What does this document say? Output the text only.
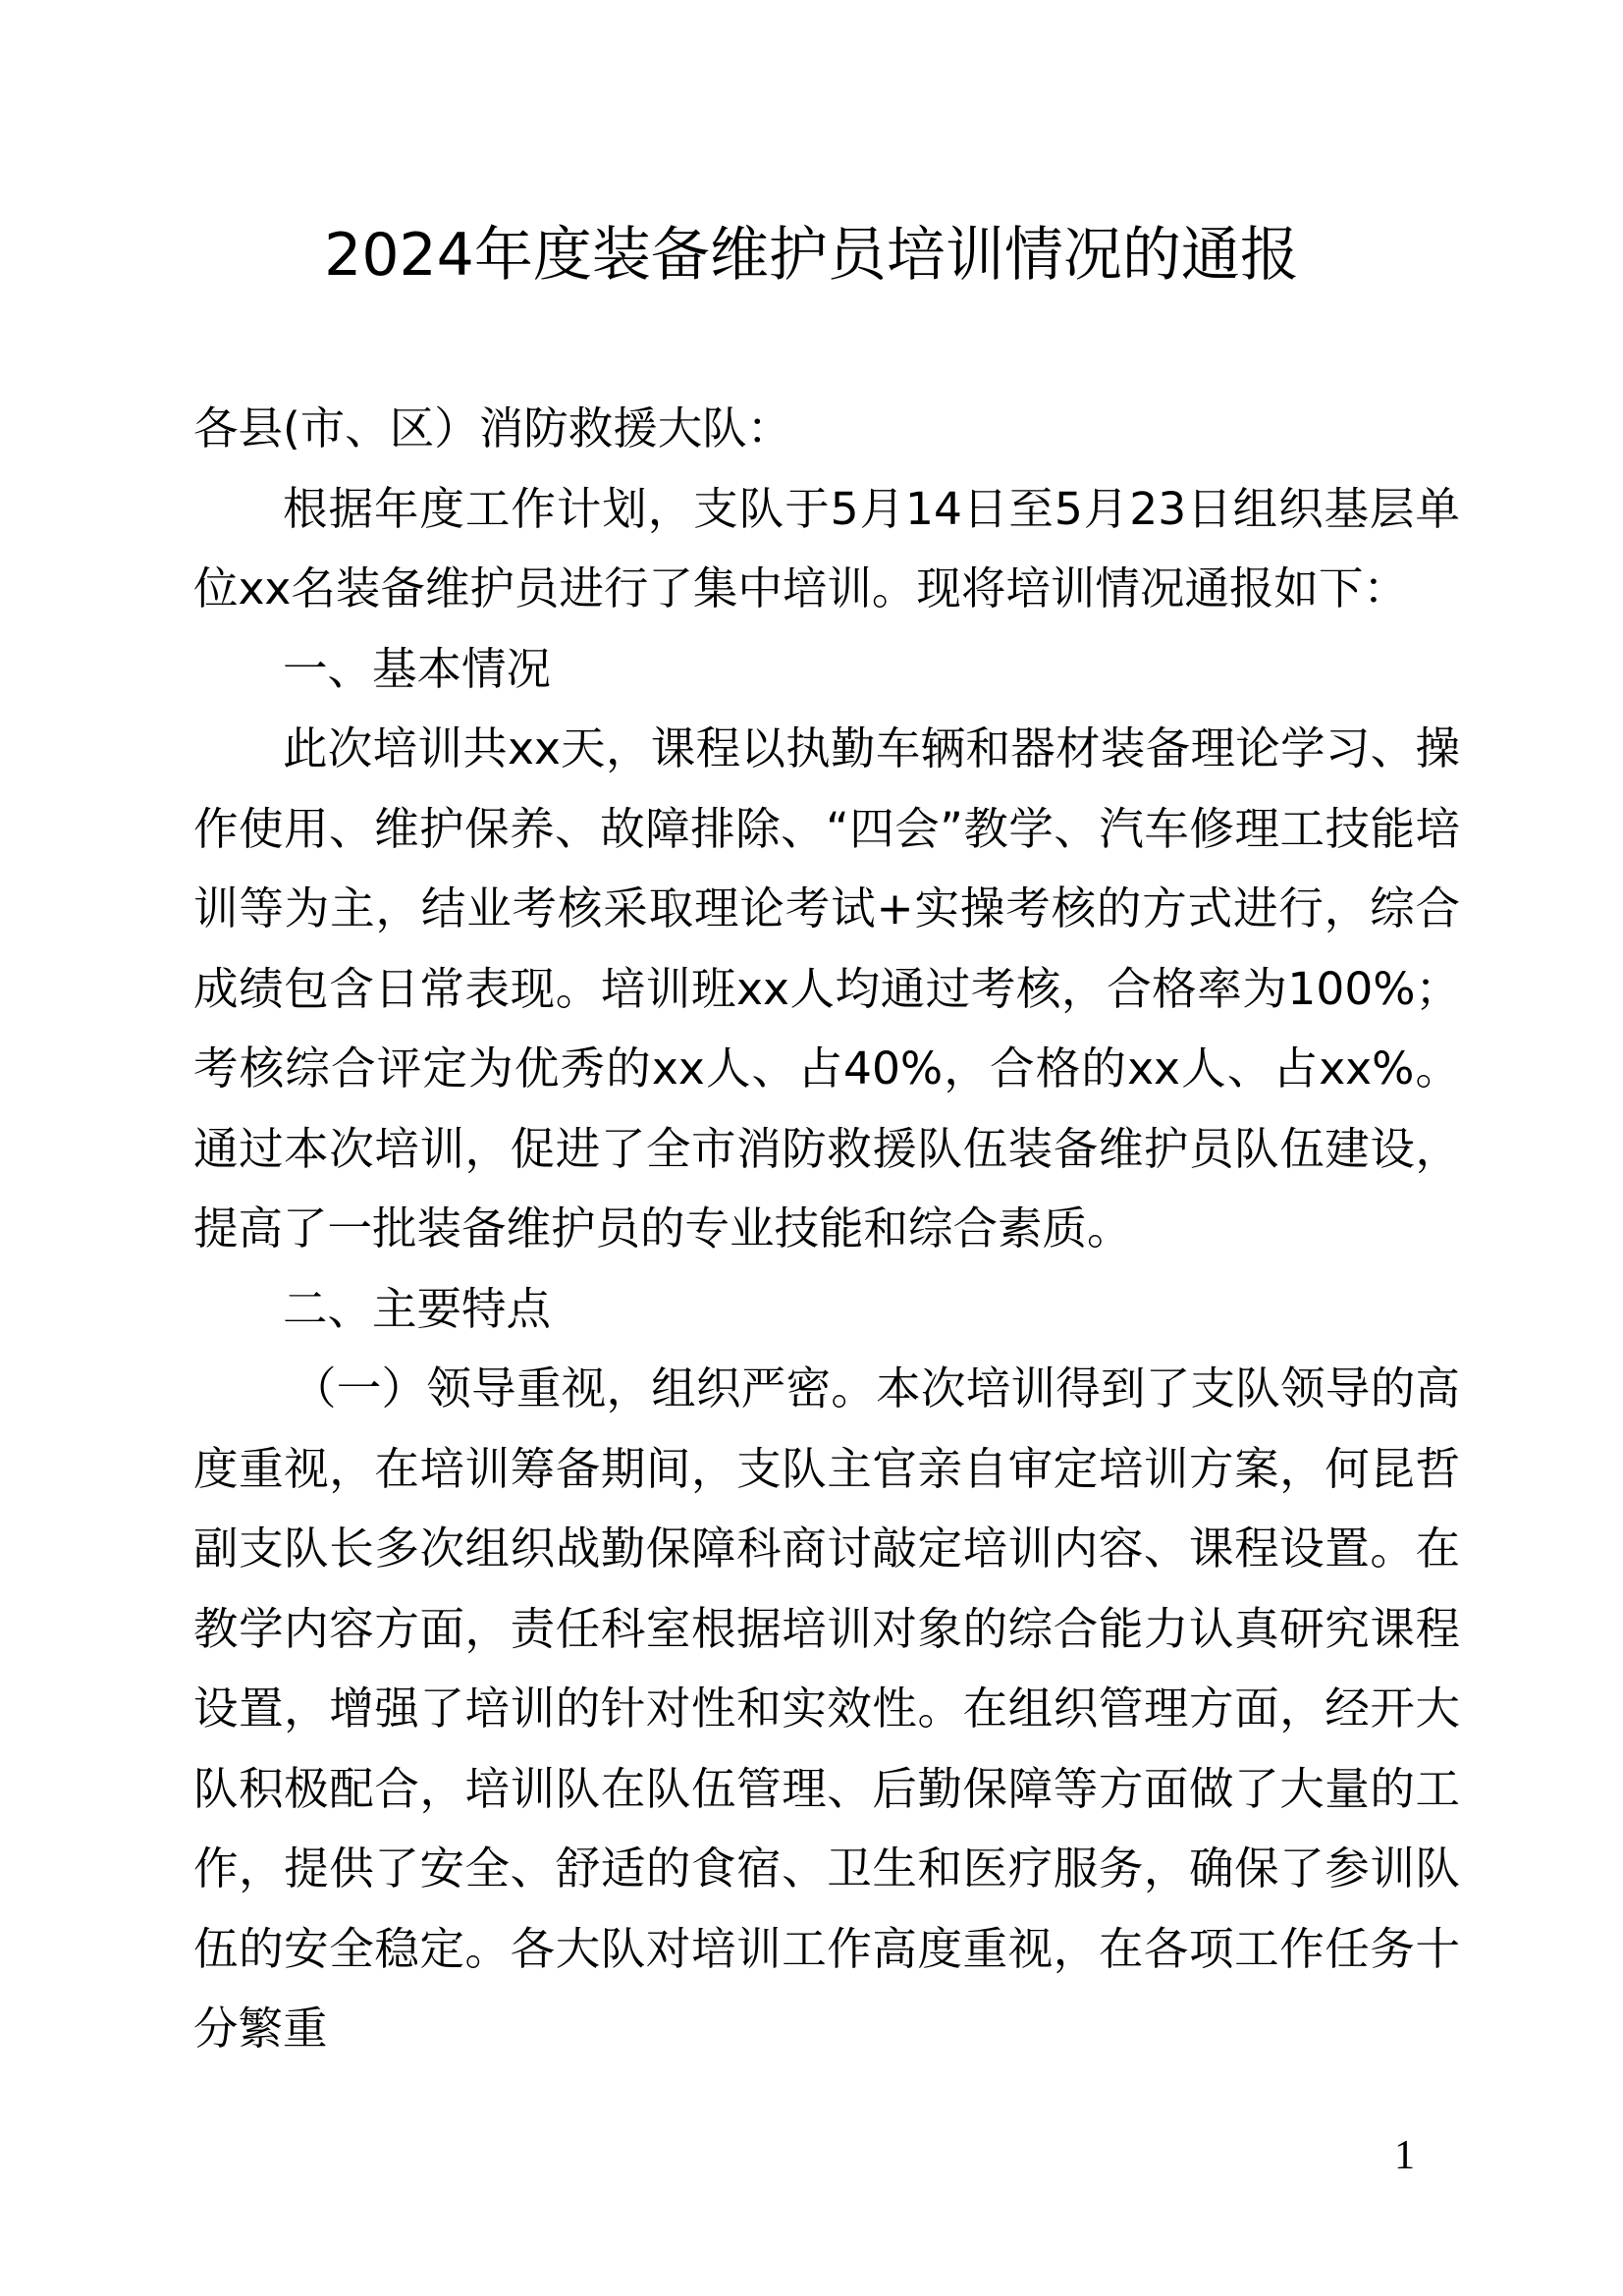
2024年度装备维护员培训情况的通报

各县(市、区）消防救援大队：

根据年度工作计划，支队于5月14日至5月23日组织基层单位xx名装备维护员进行了集中培训。现将培训情况通报如下：

一、基本情况

此次培训共xx天，课程以执勤车辆和器材装备理论学习、操作使用、维护保养、故障排除、“四会”教学、汽车修理工技能培训等为主，结业考核采取理论考试+实操考核的方式进行，综合成绩包含日常表现。培训班xx人均通过考核，合格率为100%；考核综合评定为优秀的xx人、占40%，合格的xx人、占xx%。通过本次培训，促进了全市消防救援队伍装备维护员队伍建设，提高了一批装备维护员的专业技能和综合素质。

二、主要特点

（一）领导重视，组织严密。本次培训得到了支队领导的高度重视，在培训筹备期间，支队主官亲自审定培训方案，何昆哲副支队长多次组织战勤保障科商讨敲定培训内容、课程设置。在教学内容方面，责任科室根据培训对象的综合能力认真研究课程设置，增强了培训的针对性和实效性。在组织管理方面，经开大队积极配合，培训队在队伍管理、后勤保障等方面做了大量的工作，提供了安全、舒适的食宿、卫生和医疗服务，确保了参训队伍的安全稳定。各大队对培训工作高度重视，在各项工作任务十分繁重

1
